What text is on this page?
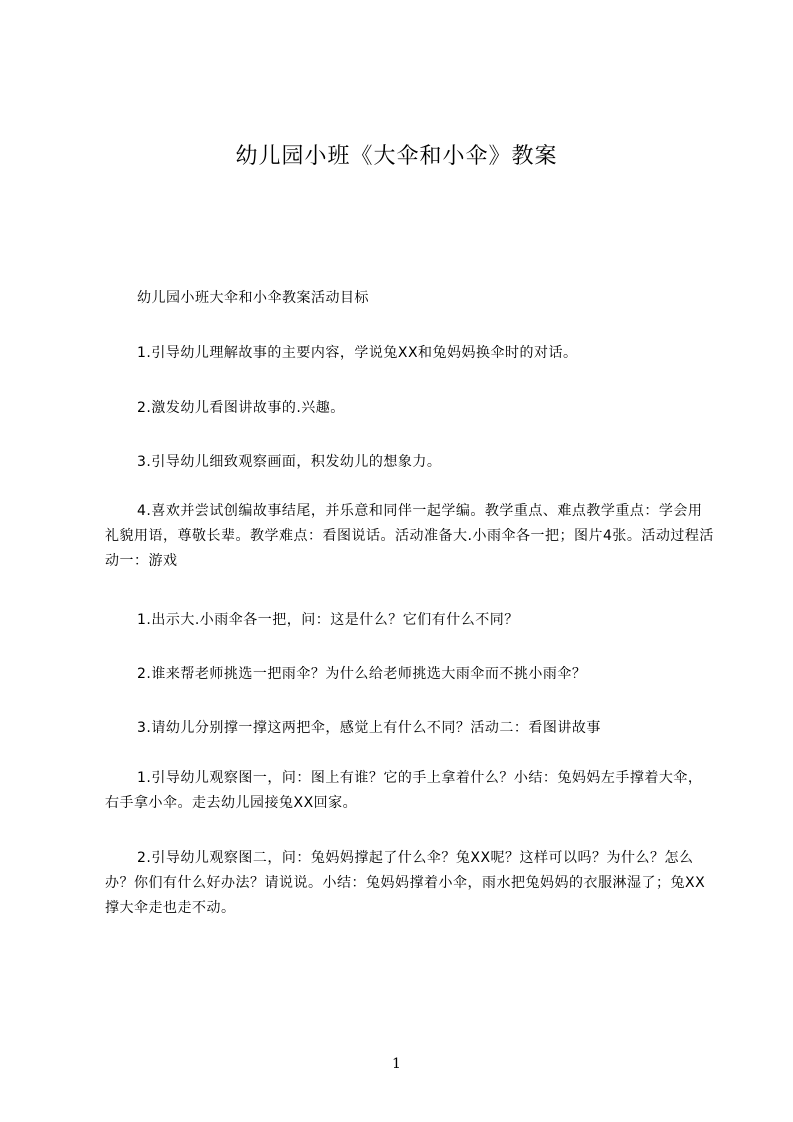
幼儿园小班《大伞和小伞》教案
幼儿园小班大伞和小伞教案活动目标
1.引导幼儿理解故事的主要内容，学说兔XX和兔妈妈换伞时的对话。
2.激发幼儿看图讲故事的.兴趣。
3.引导幼儿细致观察画面，积发幼儿的想象力。
4.喜欢并尝试创编故事结尾，并乐意和同伴一起学编。教学重点、难点教学重点：学会用礼貌用语，尊敬长辈。教学难点：看图说话。活动准备大.小雨伞各一把；图片4张。活动过程活动一：游戏
1.出示大.小雨伞各一把，问：这是什么？它们有什么不同？
2.谁来帮老师挑选一把雨伞？为什么给老师挑选大雨伞而不挑小雨伞？
3.请幼儿分别撑一撑这两把伞，感觉上有什么不同？活动二：看图讲故事
1.引导幼儿观察图一，问：图上有谁？它的手上拿着什么？小结：兔妈妈左手撑着大伞，右手拿小伞。走去幼儿园接兔XX回家。
2.引导幼儿观察图二，问：兔妈妈撑起了什么伞？兔XX呢？这样可以吗？为什么？怎么办？你们有什么好办法？请说说。小结：兔妈妈撑着小伞，雨水把兔妈妈的衣服淋湿了；兔XX撑大伞走也走不动。
1
